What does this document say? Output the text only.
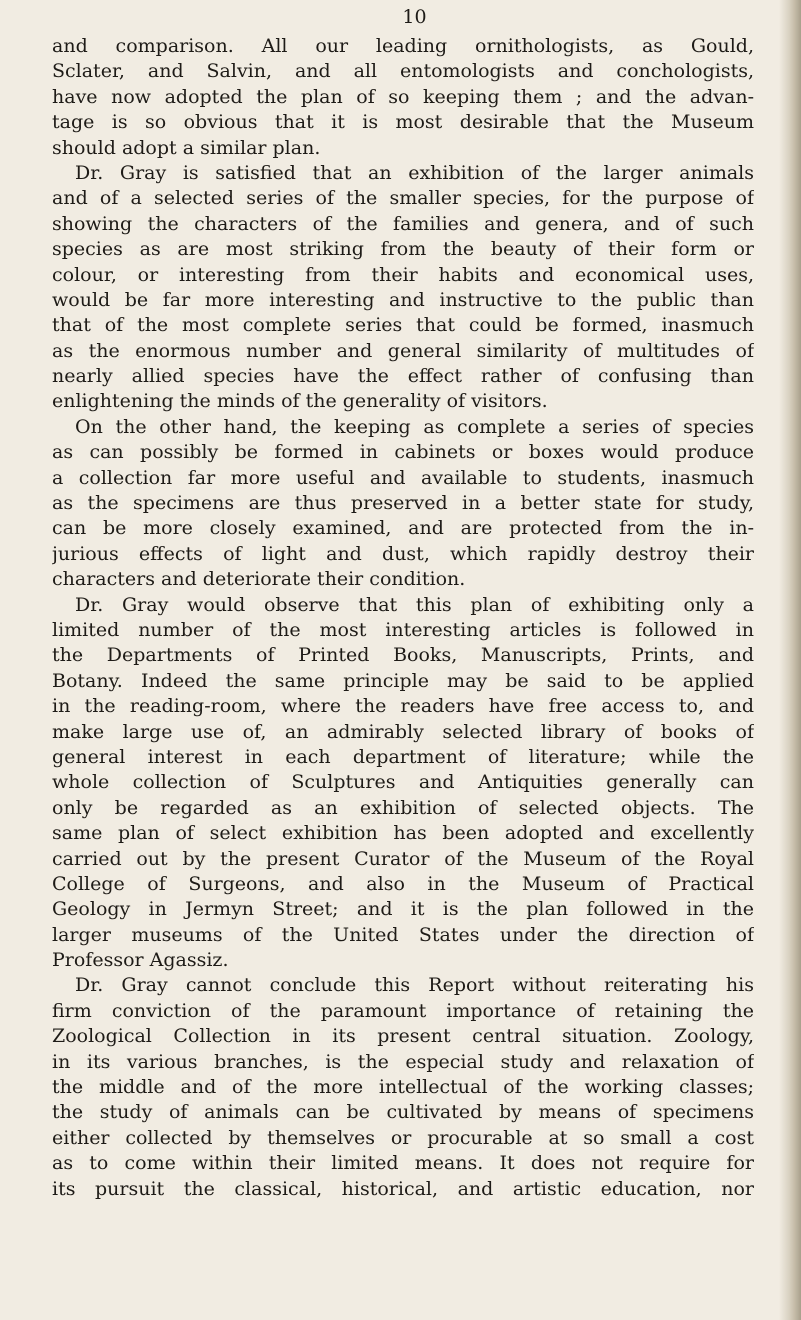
10
and comparison. All our leading ornithologists, as Gould,
Sclater, and Salvin, and all entomologists and conchologists,
have now adopted the plan of so keeping them ; and the advan-
tage is so obvious that it is most desirable that the Museum
should adopt a similar plan.
Dr. Gray is satisfied that an exhibition of the larger animals
and of a selected series of the smaller species, for the purpose of
showing the characters of the families and genera, and of such
species as are most striking from the beauty of their form or
colour, or interesting from their habits and economical uses,
would be far more interesting and instructive to the public than
that of the most complete series that could be formed, inasmuch
as the enormous number and general similarity of multitudes of
nearly allied species have the effect rather of confusing than
enlightening the minds of the generality of visitors.
On the other hand, the keeping as complete a series of species
as can possibly be formed in cabinets or boxes would produce
a collection far more useful and available to students, inasmuch
as the specimens are thus preserved in a better state for study,
can be more closely examined, and are protected from the in-
jurious effects of light and dust, which rapidly destroy their
characters and deteriorate their condition.
Dr. Gray would observe that this plan of exhibiting only a
limited number of the most interesting articles is followed in
the Departments of Printed Books, Manuscripts, Prints, and
Botany. Indeed the same principle may be said to be applied
in the reading-room, where the readers have free access to, and
make large use of, an admirably selected library of books of
general interest in each department of literature; while the
whole collection of Sculptures and Antiquities generally can
only be regarded as an exhibition of selected objects. The
same plan of select exhibition has been adopted and excellently
carried out by the present Curator of the Museum of the Royal
College of Surgeons, and also in the Museum of Practical
Geology in Jermyn Street; and it is the plan followed in the
larger museums of the United States under the direction of
Professor Agassiz.
Dr. Gray cannot conclude this Report without reiterating his
firm conviction of the paramount importance of retaining the
Zoological Collection in its present central situation. Zoology,
in its various branches, is the especial study and relaxation of
the middle and of the more intellectual of the working classes;
the study of animals can be cultivated by means of specimens
either collected by themselves or procurable at so small a cost
as to come within their limited means. It does not require for
its pursuit the classical, historical, and artistic education, nor
